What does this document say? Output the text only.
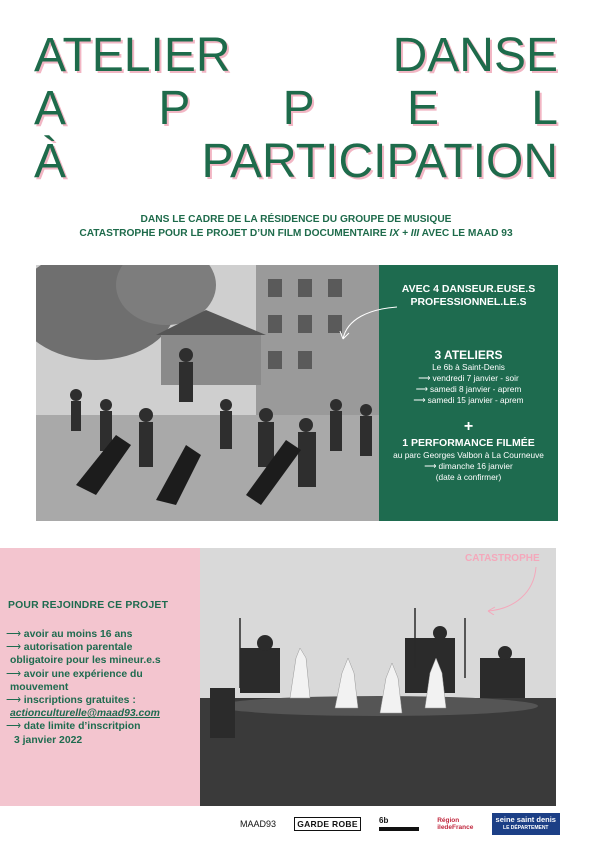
ATELIER	DANSE
A P P E L
À	PARTICIPATION
DANS LE CADRE DE LA RÉSIDENCE DU GROUPE DE MUSIQUE
CATASTROPHE POUR LE PROJET D’UN FILM DOCUMENTAIRE IX + III AVEC LE MAAD 93
AVEC 4 DANSEUR.EUSE.S
PROFESSIONNEL.LE.S
3 ATELIERS
Le 6b à Saint-Denis
⟶ vendredi 7 janvier - soir
⟶ samedi 8 janvier - aprem
⟶ samedi 15 janvier - aprem
+
1 PERFORMANCE FILMÉE
au parc Georges Valbon à La Courneuve
⟶ dimanche 16 janvier
(date à confirmer)
POUR REJOINDRE CE PROJET
⟶ avoir au moins 16 ans
⟶ autorisation parentale
obligatoire pour les mineur.e.s
⟶ avoir une expérience du
mouvement
⟶ inscriptions gratuites :
actionculturelle@maad93.com
⟶ date limite d’inscritpion
3 janvier 2022
CATASTROPHE
MAAD93	GARDE ROBE	6b	Région
iledeFrance
seine saint denis
LE DÉPARTEMENT
